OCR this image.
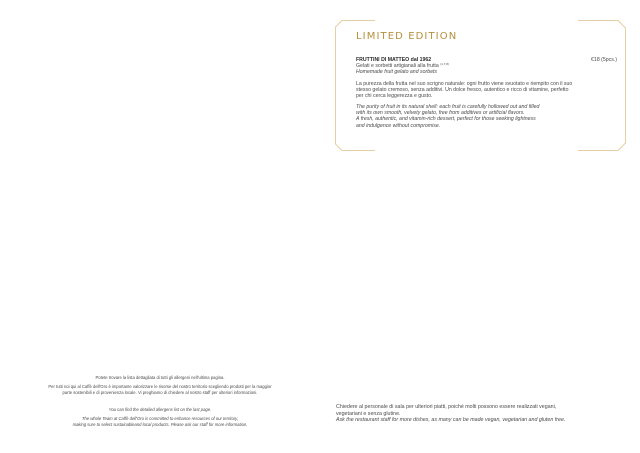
LIMITED EDITION
FRUTTINI DI MATTEO dal 1962	€18 (5pcs.)
Gelati e sorbetti artigianali alla frutta $^{(1,7,8)}$
Homemade fruit gelato and sorbets
La purezza della frutta nel suo scrigno naturale: ogni frutto viene svuotato e riempito con il suo
stesso gelato cremoso, senza additivi. Un dolce fresco, autentico e ricco di vitamine, perfetto
per chi cerca leggerezza e gusto.
The purity of fruit in its natural shell: each fruit is carefully hollowed out and filled
with its own smooth, velvety gelato, free from additives or artificial flavors.
A fresh, authentic, and vitamin-rich dessert, perfect for those seeking lightness
and indulgence without compromise.
Potete trovare la lista dettagliata di tutti gli allergeni nell'ultima pagina.
Per tutti noi qui al Caffè dell'Oro è importante valorizzare le risorse del nostro territorio scegliendo prodotti per la maggior
parte sostenibili e di provenienza locale. Vi preghiamo di chiedere al nostro staff per ulteriori informazioni.
You can find the detailed allergens list on the last page.
The whole Team at Caffè dell'Oro is committed to enhance resources of our territory,
making sure to select sustainableand local products. Please ask our staff for more information.
Chiedere al personale di sala per ulteriori piatti, poiché molti possono essere realizzati vegani,
vegetariani e senza glutine.
Ask the restaurant staff for more dishes, as many can be made vegan, vegetarian and gluten free.
